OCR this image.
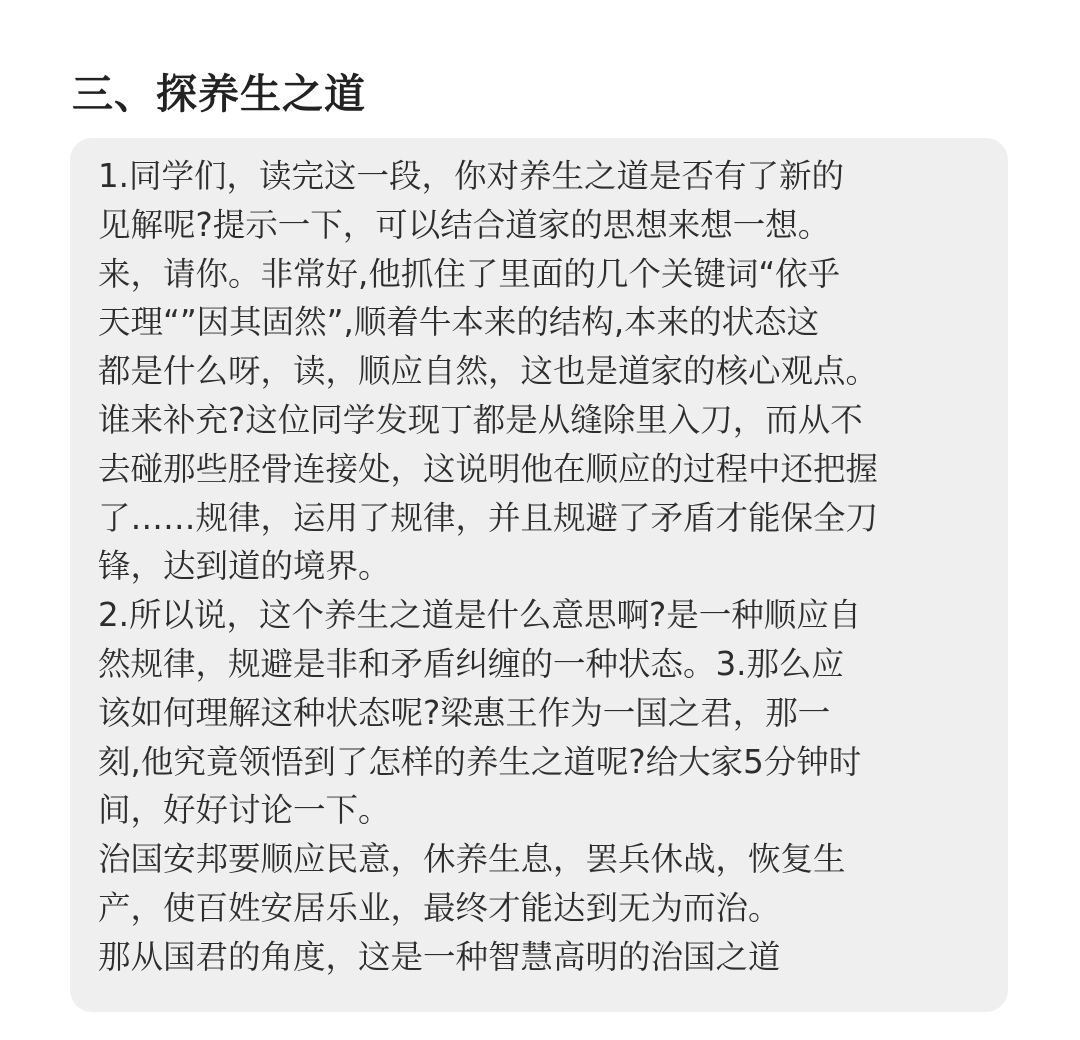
三、探养生之道
1.同学们，读完这一段，你对养生之道是否有了新的
见解呢?提示一下，可以结合道家的思想来想一想。
来，请你。非常好,他抓住了里面的几个关键词“依乎
天理“”因其固然”,顺着牛本来的结构,本来的状态这
都是什么呀，读，顺应自然，这也是道家的核心观点。
谁来补充?这位同学发现丁都是从缝除里入刀，而从不
去碰那些胫骨连接处，这说明他在顺应的过程中还把握
了……规律，运用了规律，并且规避了矛盾才能保全刀
锋，达到道的境界。
2.所以说，这个养生之道是什么意思啊?是一种顺应自
然规律，规避是非和矛盾纠缠的一种状态。3.那么应
该如何理解这种状态呢?梁惠王作为一国之君，那一
刻,他究竟领悟到了怎样的养生之道呢?给大家5分钟时
间，好好讨论一下。
治国安邦要顺应民意，休养生息，罢兵休战，恢复生
产，使百姓安居乐业，最终才能达到无为而治。
那从国君的角度，这是一种智慧高明的治国之道
